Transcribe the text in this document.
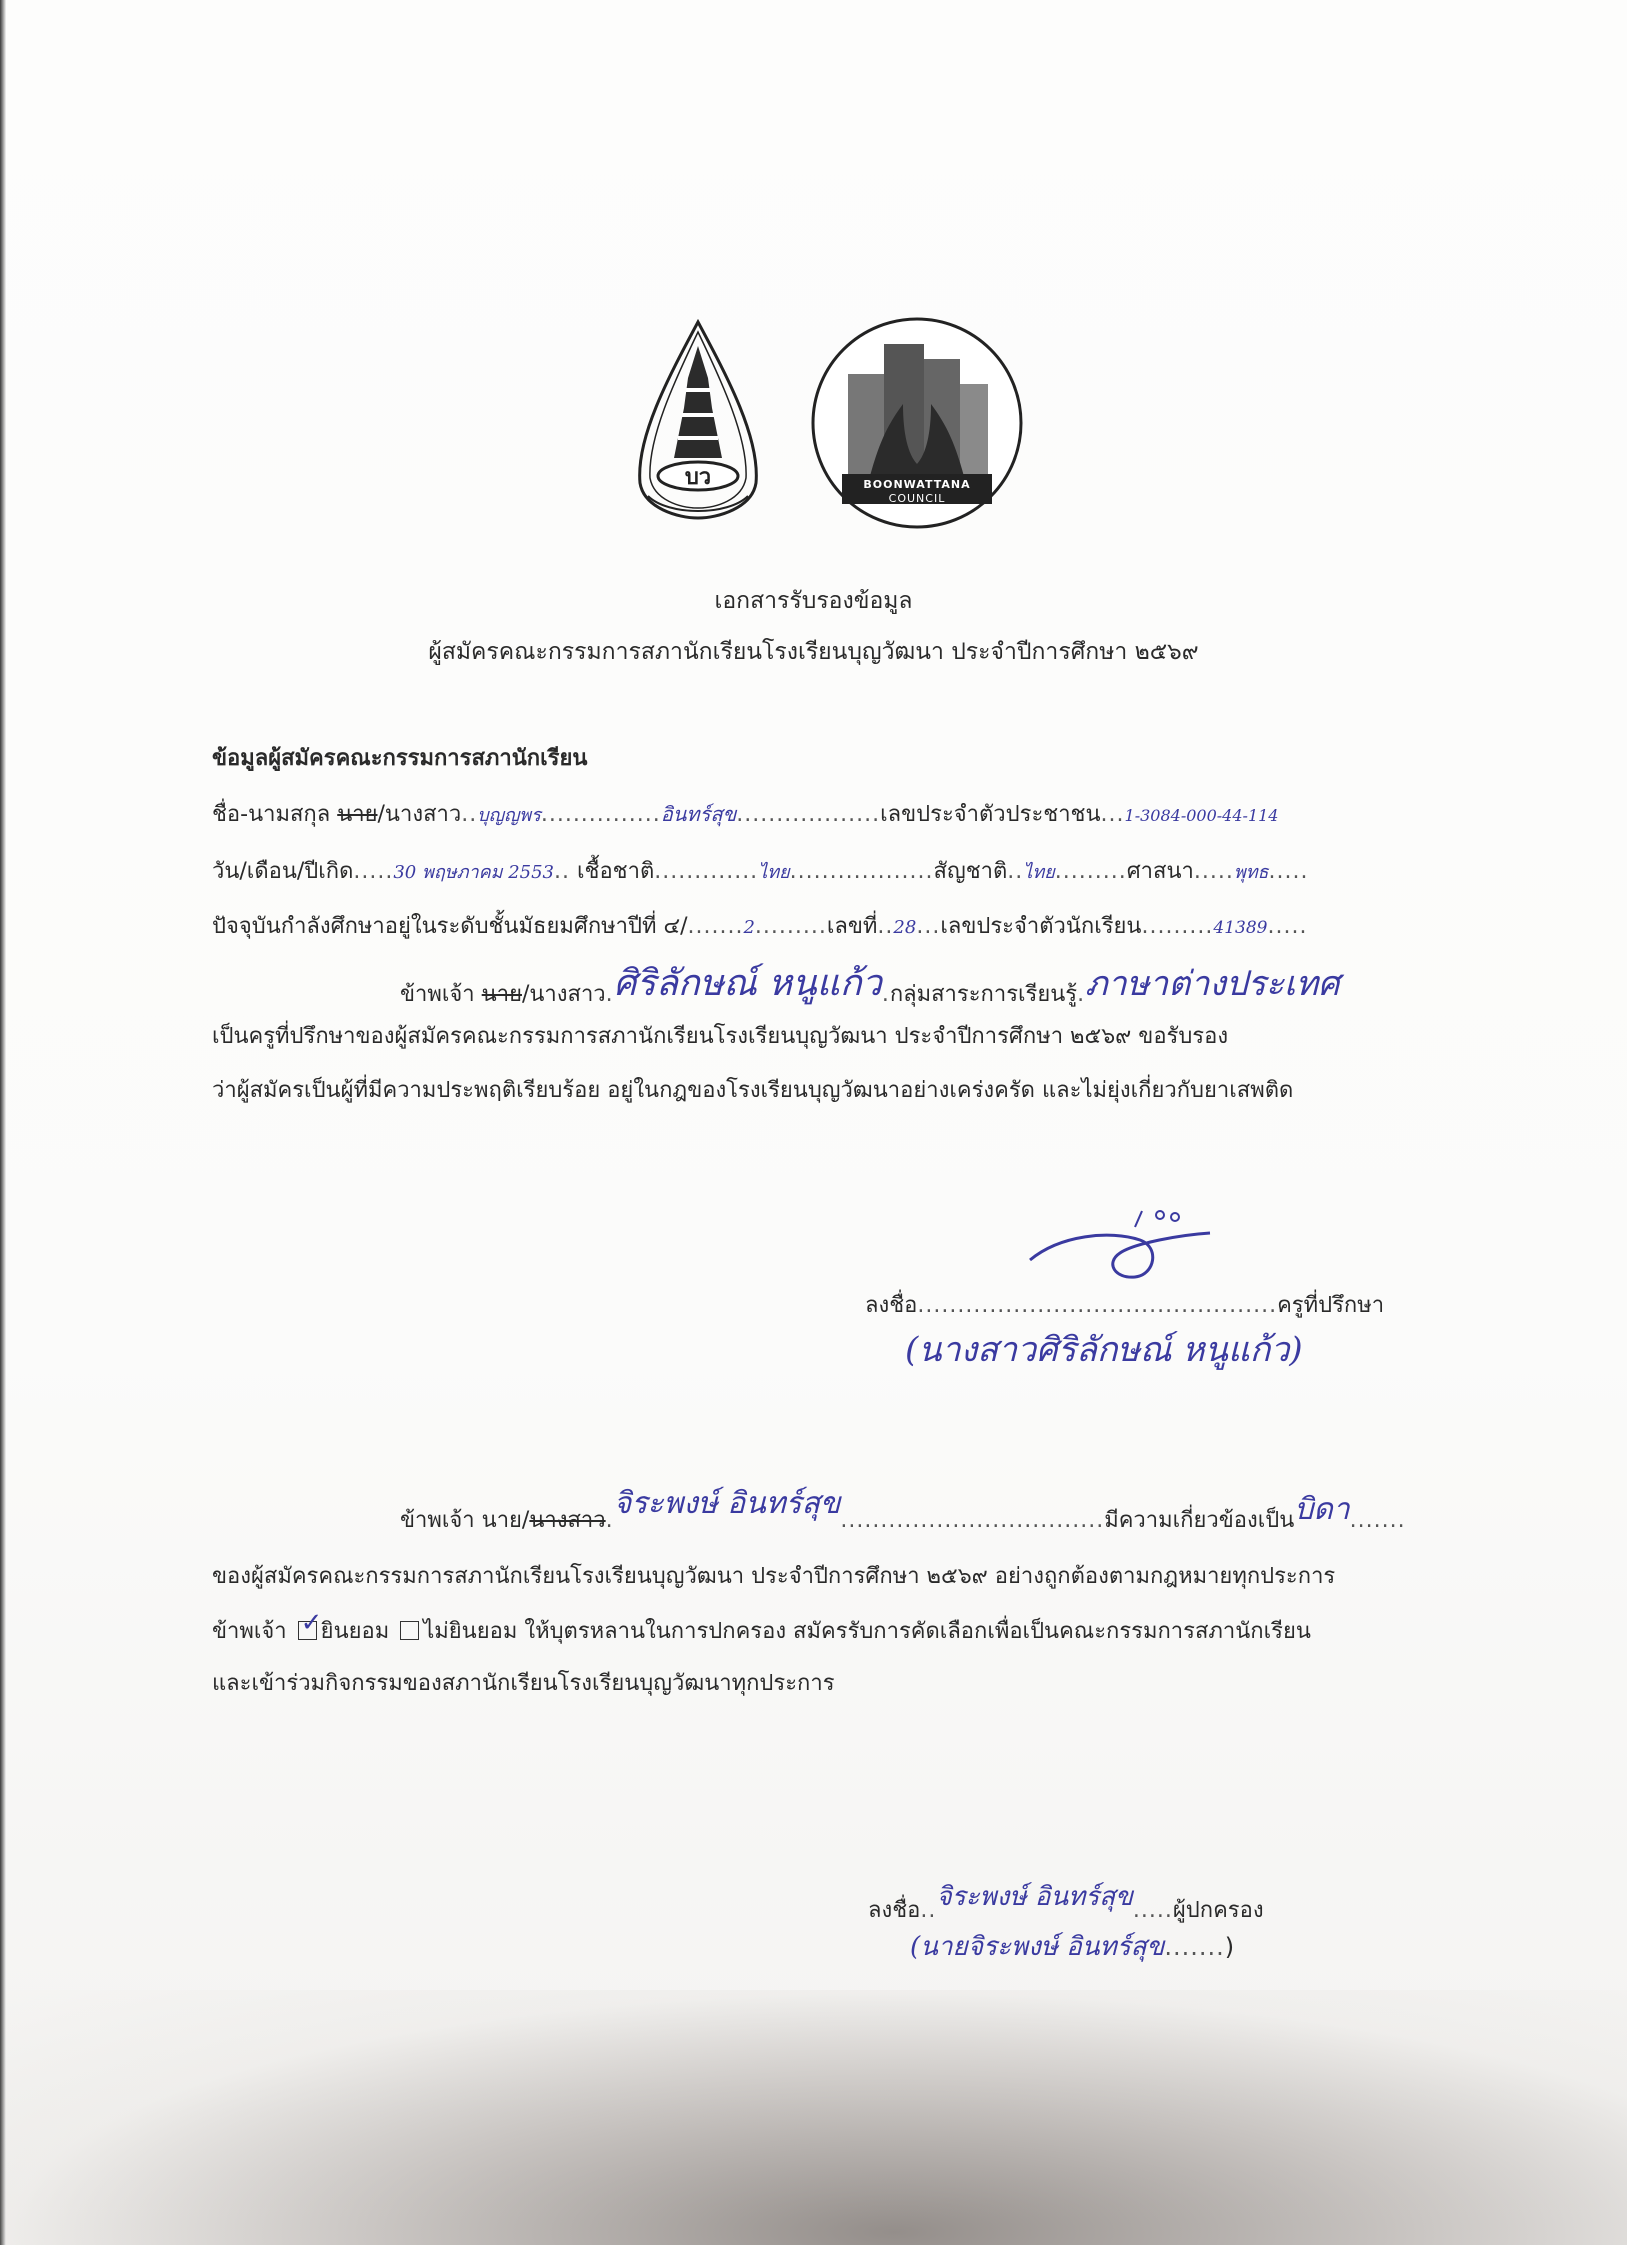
บว	BOONWATTANA
COUNCIL
เอกสารรับรองข้อมูล
ผู้สมัครคณะกรรมการสภานักเรียนโรงเรียนบุญวัฒนา ประจำปีการศึกษา ๒๕๖๙
ข้อมูลผู้สมัครคณะกรรมการสภานักเรียน
ชื่อ-นามสกุล นาย/นางสาว..บุญญพร...............อินทร์สุข..................เลขประจำตัวประชาชน...1-3084-000-44-114
วัน/เดือน/ปีเกิด.....30 พฤษภาคม 2553.. เชื้อชาติ.............ไทย..................สัญชาติ..ไทย.........ศาสนา.....พุทธ.....
ปัจจุบันกำลังศึกษาอยู่ในระดับชั้นมัธยมศึกษาปีที่ ๔/.......2.........เลขที่..28...เลขประจำตัวนักเรียน.........41389.....
ข้าพเจ้า นาย/นางสาว.ศิริลักษณ์ หนูแก้ว.กลุ่มสาระการเรียนรู้.ภาษาต่างประเทศ
เป็นครูที่ปรึกษาของผู้สมัครคณะกรรมการสภานักเรียนโรงเรียนบุญวัฒนา ประจำปีการศึกษา ๒๕๖๙ ขอรับรอง
ว่าผู้สมัครเป็นผู้ที่มีความประพฤติเรียบร้อย อยู่ในกฎของโรงเรียนบุญวัฒนาอย่างเคร่งครัด และไม่ยุ่งเกี่ยวกับยาเสพติด
ลงชื่อ.............................................ครูที่ปรึกษา
(นางสาวศิริลักษณ์ หนูแก้ว)
ข้าพเจ้า นาย/นางสาว.จิระพงษ์ อินทร์สุข.................................มีความเกี่ยวข้องเป็นบิดา.......
ของผู้สมัครคณะกรรมการสภานักเรียนโรงเรียนบุญวัฒนา ประจำปีการศึกษา ๒๕๖๙ อย่างถูกต้องตามกฎหมายทุกประการ
ข้าพเจ้า ✓
ยินยอม ไม่ยินยอม ให้บุตรหลานในการปกครอง สมัครรับการคัดเลือกเพื่อเป็นคณะกรรมการสภานักเรียน
และเข้าร่วมกิจกรรมของสภานักเรียนโรงเรียนบุญวัฒนาทุกประการ
ลงชื่อ..จิระพงษ์ อินทร์สุข.....ผู้ปกครอง
(นายจิระพงษ์ อินทร์สุข.......)
